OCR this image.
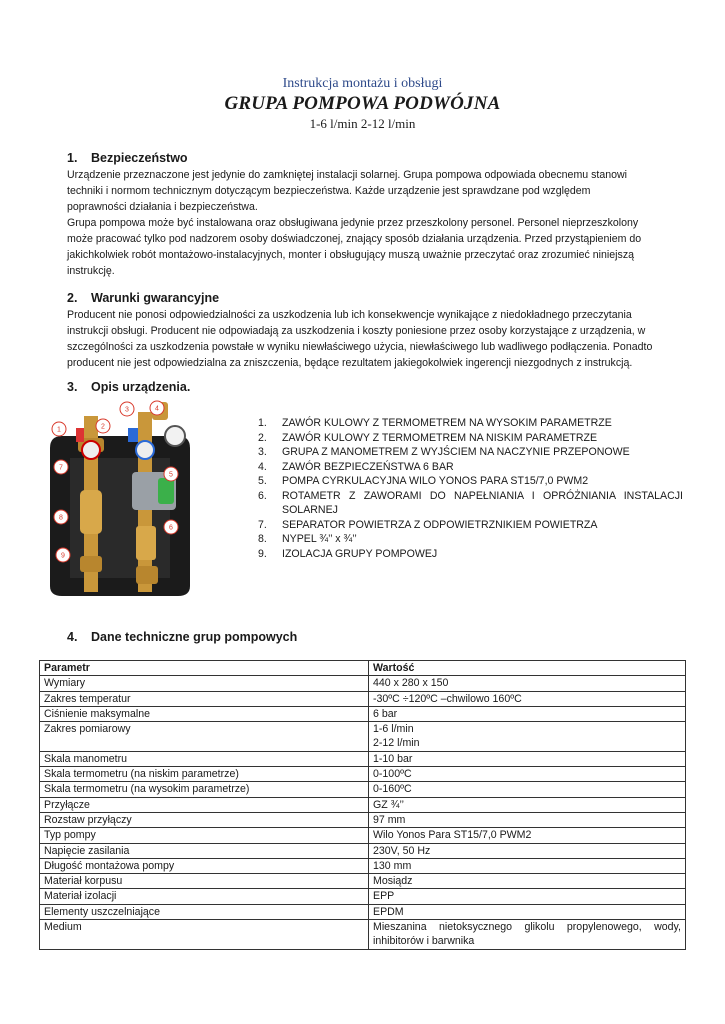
Instrukcja montażu i obsługi
GRUPA POMPOWA PODWÓJNA
1-6 l/min 2-12 l/min
1. Bezpieczeństwo
Urządzenie przeznaczone jest jedynie do zamkniętej instalacji solarnej. Grupa pompowa odpowiada obecnemu stanowi
techniki i normom technicznym dotyczącym bezpieczeństwa. Każde urządzenie jest sprawdzane pod względem
poprawności działania i bezpieczeństwa.
Grupa pompowa może być instalowana oraz obsługiwana jedynie przez przeszkolony personel. Personel nieprzeszkolony
może pracować tylko pod nadzorem osoby doświadczonej, znający sposób działania urządzenia. Przed przystąpieniem do
jakichkolwiek robót montażowo-instalacyjnych, monter i obsługujący muszą uważnie przeczytać oraz zrozumieć niniejszą
instrukcję.
2. Warunki gwarancyjne
Producent nie ponosi odpowiedzialności za uszkodzenia lub ich konsekwencje wynikające z niedokładnego przeczytania
instrukcji obsługi. Producent nie odpowiadają za uszkodzenia i koszty poniesione przez osoby korzystające z urządzenia, w
szczególności za uszkodzenia powstałe w wyniku niewłaściwego użycia, niewłaściwego lub wadliwego podłączenia. Ponadto
producent nie jest odpowiedzialna za zniszczenia, będące rezultatem jakiegokolwiek ingerencji niezgodnych z instrukcją.
3. Opis urządzenia.
3	4
1	2
7
5
8
6
9
1.	ZAWÓR KULOWY Z TERMOMETREM NA WYSOKIM PARAMETRZE
2.	ZAWÓR KULOWY Z TERMOMETREM NA NISKIM PARAMETRZE
3.	GRUPA Z MANOMETREM Z WYJŚCIEM NA NACZYNIE PRZEPONOWE
4.	ZAWÓR BEZPIECZEŃSTWA 6 BAR
5.	POMPA CYRKULACYJNA WILO YONOS PARA ST15/7,0 PWM2
6.	ROTAMETR Z ZAWORAMI DO NAPEŁNIANIA I OPRÓŻNIANIA INSTALACJI SOLARNEJ
7.	SEPARATOR POWIETRZA Z ODPOWIETRZNIKIEM POWIETRZA
8.	NYPEL ¾’’ x ¾’’
9.	IZOLACJA GRUPY POMPOWEJ
4. Dane techniczne grup pompowych
Parametr	Wartość
Wymiary	440 x 280 x 150
Zakres temperatur	-30ºC ÷120ºC –chwilowo 160ºC
Ciśnienie maksymalne	6 bar
Zakres pomiarowy	1-6 l/min
2-12 l/min

Skala manometru	1-10 bar
Skala termometru (na niskim parametrze)	0-100ºC
Skala termometru (na wysokim parametrze)	0-160ºC
Przyłącze	GZ ¾’’
Rozstaw przyłączy	97 mm
Typ pompy	Wilo Yonos Para ST15/7,0 PWM2
Napięcie zasilania	230V, 50 Hz
Długość montażowa pompy	130 mm
Materiał korpusu	Mosiądz
Materiał izolacji	EPP
Elementy uszczelniające	EPDM
Medium	Mieszanina nietoksycznego glikolu propylenowego, wody,
inhibitorów i barwnika
